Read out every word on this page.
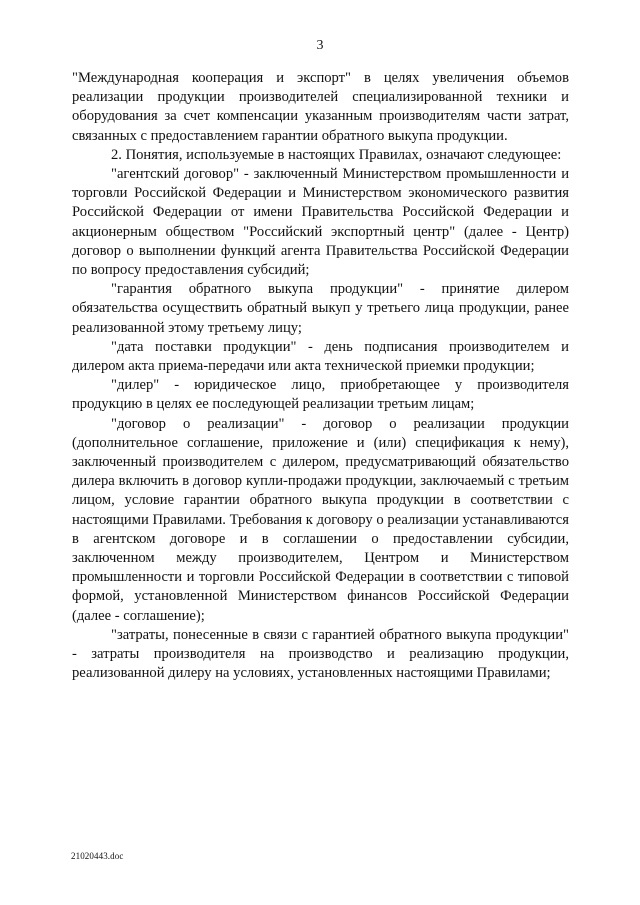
3

"Международная кооперация и экспорт" в целях увеличения объемов реализации продукции производителей специализированной техники и оборудования за счет компенсации указанным производителям части затрат, связанных с предоставлением гарантии обратного выкупа продукции.

2. Понятия, используемые в настоящих Правилах, означают следующее:

"агентский договор" - заключенный Министерством промышленности и торговли Российской Федерации и Министерством экономического развития Российской Федерации от имени Правительства Российской Федерации и акционерным обществом "Российский экспортный центр" (далее - Центр) договор о выполнении функций агента Правительства Российской Федерации по вопросу предоставления субсидий;

"гарантия обратного выкупа продукции" - принятие дилером обязательства осуществить обратный выкуп у третьего лица продукции, ранее реализованной этому третьему лицу;

"дата поставки продукции" - день подписания производителем и дилером акта приема-передачи или акта технической приемки продукции;

"дилер" - юридическое лицо, приобретающее у производителя продукцию в целях ее последующей реализации третьим лицам;

"договор о реализации" - договор о реализации продукции (дополнительное соглашение, приложение и (или) спецификация к нему), заключенный производителем с дилером, предусматривающий обязательство дилера включить в договор купли-продажи продукции, заключаемый с третьим лицом, условие гарантии обратного выкупа продукции в соответствии с настоящими Правилами. Требования к договору о реализации устанавливаются в агентском договоре и в соглашении о предоставлении субсидии, заключенном между производителем, Центром и Министерством промышленности и торговли Российской Федерации в соответствии с типовой формой, установленной Министерством финансов Российской Федерации (далее - соглашение);

"затраты, понесенные в связи с гарантией обратного выкупа продукции" - затраты производителя на производство и реализацию продукции, реализованной дилеру на условиях, установленных настоящими Правилами;

21020443.doc
